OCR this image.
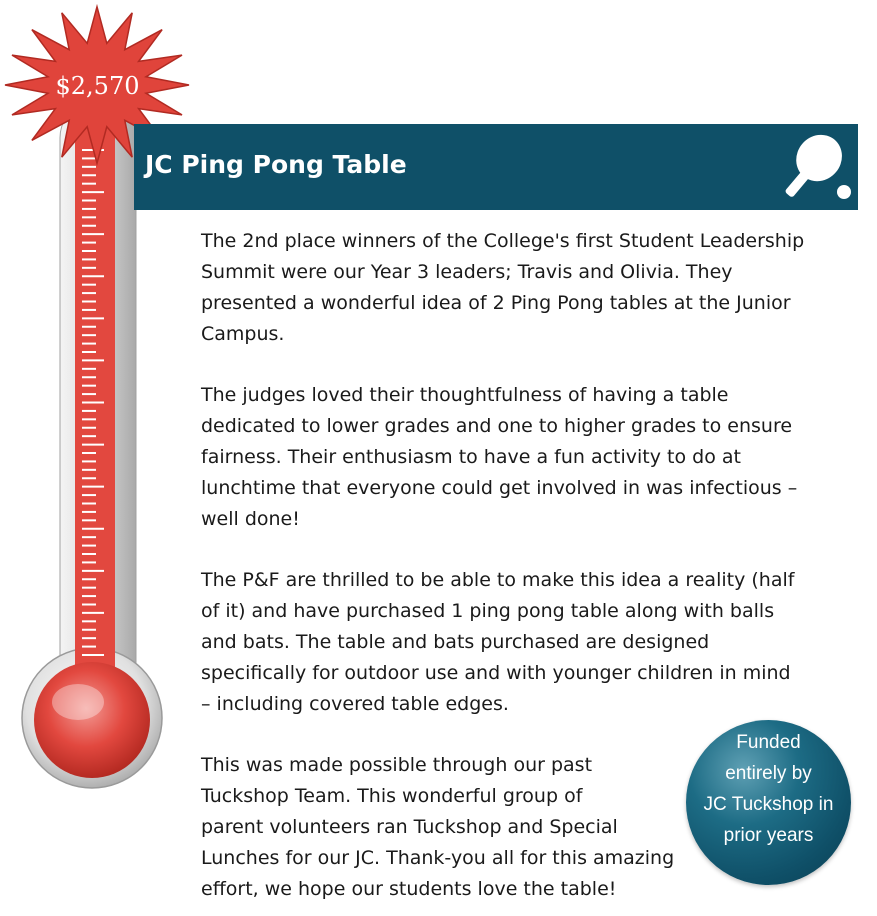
$2,570
JC Ping Pong Table

The 2nd place winners of the College's first Student Leadership
Summit were our Year 3 leaders; Travis and Olivia. They
presented a wonderful idea of 2 Ping Pong tables at the Junior
Campus.

The judges loved their thoughtfulness of having a table
dedicated to lower grades and one to higher grades to ensure
fairness. Their enthusiasm to have a fun activity to do at
lunchtime that everyone could get involved in was infectious –
well done!

The P&F are thrilled to be able to make this idea a reality (half
of it) and have purchased 1 ping pong table along with balls
and bats. The table and bats purchased are designed
specifically for outdoor use and with younger children in mind
– including covered table edges.

This was made possible through our past
Tuckshop Team. This wonderful group of
parent volunteers ran Tuckshop and Special
Lunches for our JC. Thank-you all for this amazing
effort, we hope our students love the table!

Funded
entirely by
JC Tuckshop in
prior years
